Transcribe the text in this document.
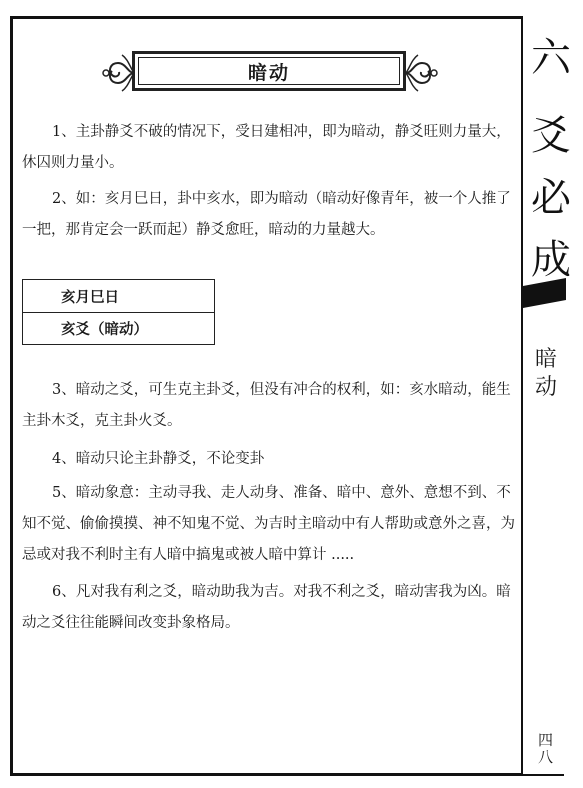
暗动

1、主卦静爻不破的情况下，受日建相冲，即为暗动，静爻旺则力量大，休囚则力量小。

2、如：亥月巳日，卦中亥水，即为暗动（暗动好像青年，被一个人推了一把，那肯定会一跃而起）静爻愈旺，暗动的力量越大。

亥月巳日
亥爻（暗动）

3、暗动之爻，可生克主卦爻，但没有冲合的权利，如：亥水暗动，能生主卦木爻，克主卦火爻。

4、暗动只论主卦静爻，不论变卦

5、暗动象意：主动寻我、走人动身、准备、暗中、意外、意想不到、不知不觉、偷偷摸摸、神不知鬼不觉、为吉时主暗动中有人帮助或意外之喜，为忌或对我不利时主有人暗中搞鬼或被人暗中算计 .....

6、凡对我有利之爻，暗动助我为吉。对我不利之爻，暗动害我为凶。暗动之爻往往能瞬间改变卦象格局。

六
爻
必
成
暗动
四八
